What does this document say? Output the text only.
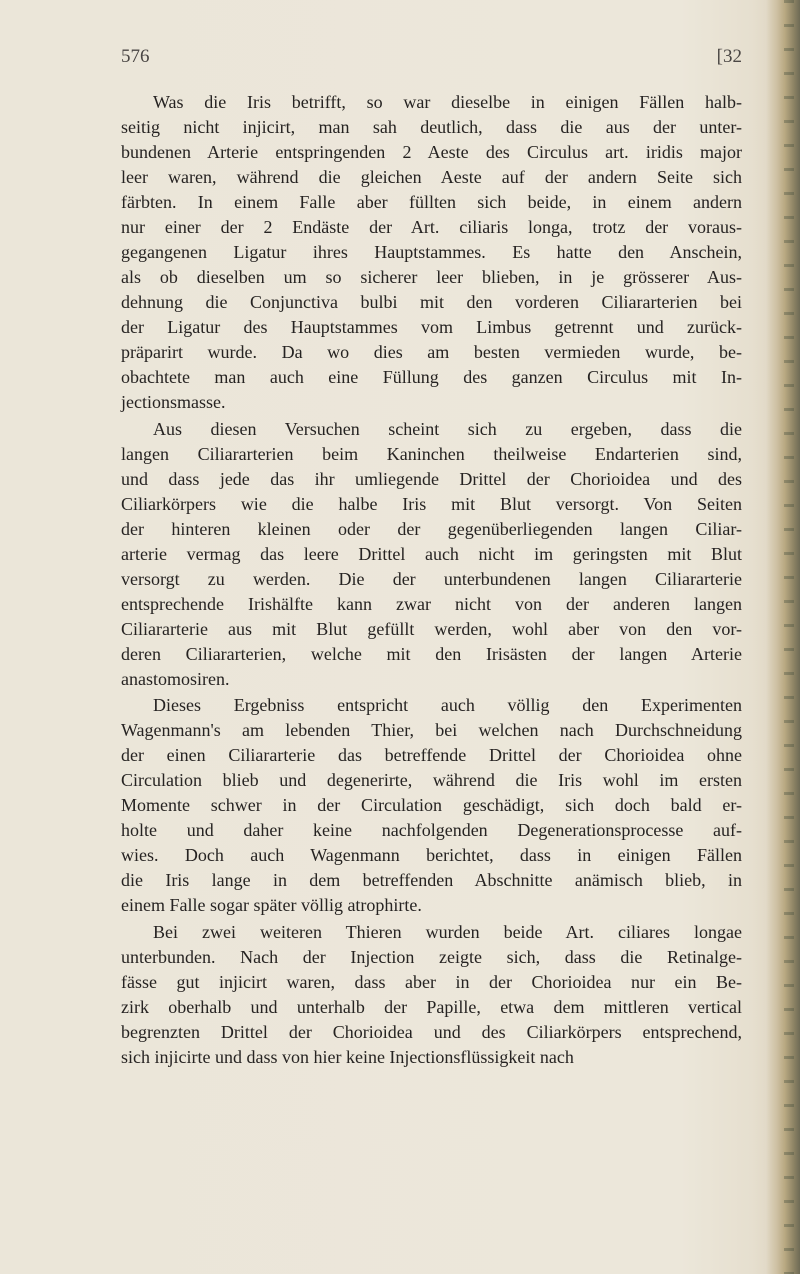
576	[32
Was die Iris betrifft, so war dieselbe in einigen Fällen halb-
seitig nicht injicirt, man sah deutlich, dass die aus der unter-
bundenen Arterie entspringenden 2 Aeste des Circulus art. iridis major
leer waren, während die gleichen Aeste auf der andern Seite sich
färbten. In einem Falle aber füllten sich beide, in einem andern
nur einer der 2 Endäste der Art. ciliaris longa, trotz der voraus-
gegangenen Ligatur ihres Hauptstammes. Es hatte den Anschein,
als ob dieselben um so sicherer leer blieben, in je grösserer Aus-
dehnung die Conjunctiva bulbi mit den vorderen Ciliararterien bei
der Ligatur des Hauptstammes vom Limbus getrennt und zurück-
präparirt wurde. Da wo dies am besten vermieden wurde, be-
obachtete man auch eine Füllung des ganzen Circulus mit In-
jectionsmasse.
Aus diesen Versuchen scheint sich zu ergeben, dass die
langen Ciliararterien beim Kaninchen theilweise Endarterien sind,
und dass jede das ihr umliegende Drittel der Chorioidea und des
Ciliarkörpers wie die halbe Iris mit Blut versorgt. Von Seiten
der hinteren kleinen oder der gegenüberliegenden langen Ciliar-
arterie vermag das leere Drittel auch nicht im geringsten mit Blut
versorgt zu werden. Die der unterbundenen langen Ciliararterie
entsprechende Irishälfte kann zwar nicht von der anderen langen
Ciliararterie aus mit Blut gefüllt werden, wohl aber von den vor-
deren Ciliararterien, welche mit den Irisästen der langen Arterie
anastomosiren.
Dieses Ergebniss entspricht auch völlig den Experimenten
Wagenmann's am lebenden Thier, bei welchen nach Durchschneidung
der einen Ciliararterie das betreffende Drittel der Chorioidea ohne
Circulation blieb und degenerirte, während die Iris wohl im ersten
Momente schwer in der Circulation geschädigt, sich doch bald er-
holte und daher keine nachfolgenden Degenerationsprocesse auf-
wies. Doch auch Wagenmann berichtet, dass in einigen Fällen
die Iris lange in dem betreffenden Abschnitte anämisch blieb, in
einem Falle sogar später völlig atrophirte.
Bei zwei weiteren Thieren wurden beide Art. ciliares longae
unterbunden. Nach der Injection zeigte sich, dass die Retinalge-
fässe gut injicirt waren, dass aber in der Chorioidea nur ein Be-
zirk oberhalb und unterhalb der Papille, etwa dem mittleren vertical
begrenzten Drittel der Chorioidea und des Ciliarkörpers entsprechend,
sich injicirte und dass von hier keine Injectionsflüssigkeit nach
